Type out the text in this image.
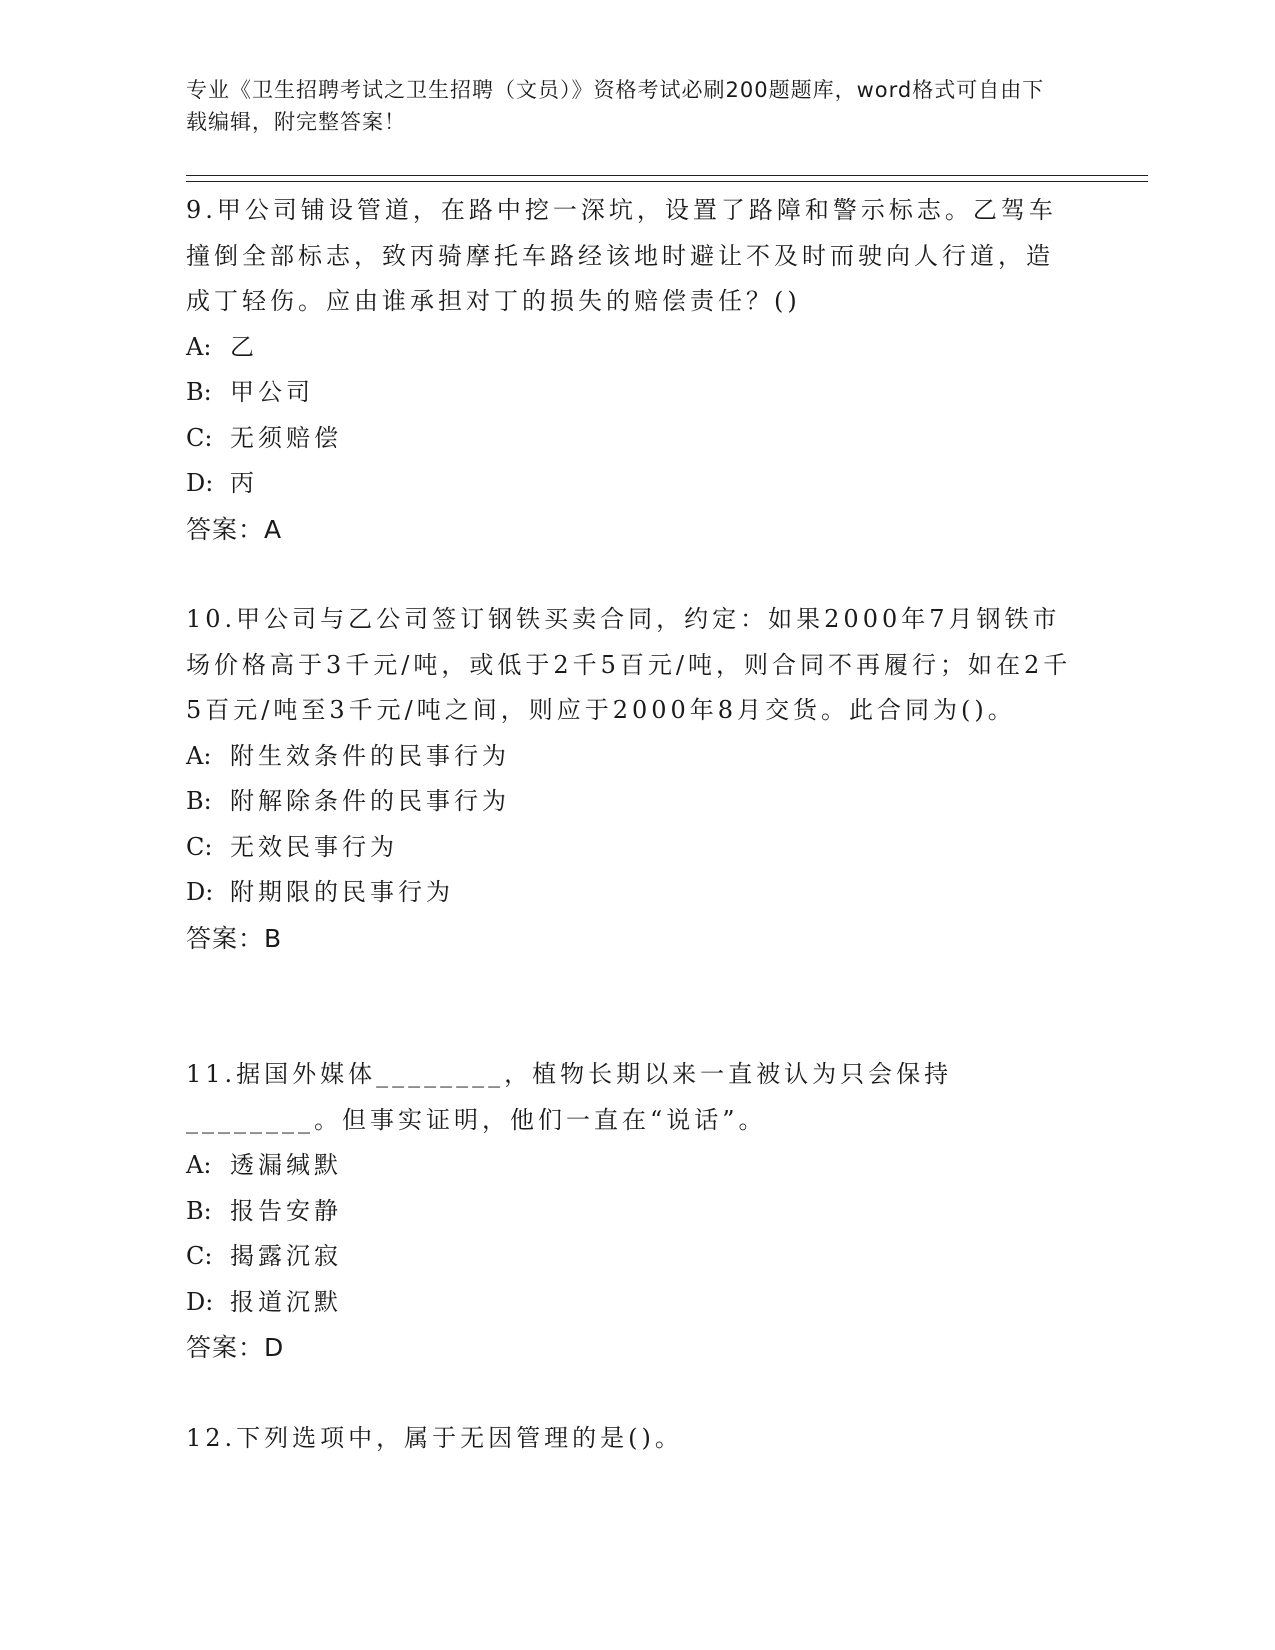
专业《卫生招聘考试之卫生招聘（文员）》资格考试必刷200题题库，word格式可自由下载编辑，附完整答案！

9.甲公司铺设管道，在路中挖一深坑，设置了路障和警示标志。乙驾车撞倒全部标志，致丙骑摩托车路经该地时避让不及时而驶向人行道，造成丁轻伤。应由谁承担对丁的损失的赔偿责任？()

A: 乙

B: 甲公司

C: 无须赔偿

D: 丙

答案：A

10.甲公司与乙公司签订钢铁买卖合同，约定：如果2000年7月钢铁市场价格高于3千元/吨，或低于2千5百元/吨，则合同不再履行；如在2千5百元/吨至3千元/吨之间，则应于2000年8月交货。此合同为()。

A: 附生效条件的民事行为

B: 附解除条件的民事行为

C: 无效民事行为

D: 附期限的民事行为

答案：B

11.据国外媒体________，植物长期以来一直被认为只会保持________。但事实证明，他们一直在“说话”。

A: 透漏缄默

B: 报告安静

C: 揭露沉寂

D: 报道沉默

答案：D

12.下列选项中，属于无因管理的是()。
